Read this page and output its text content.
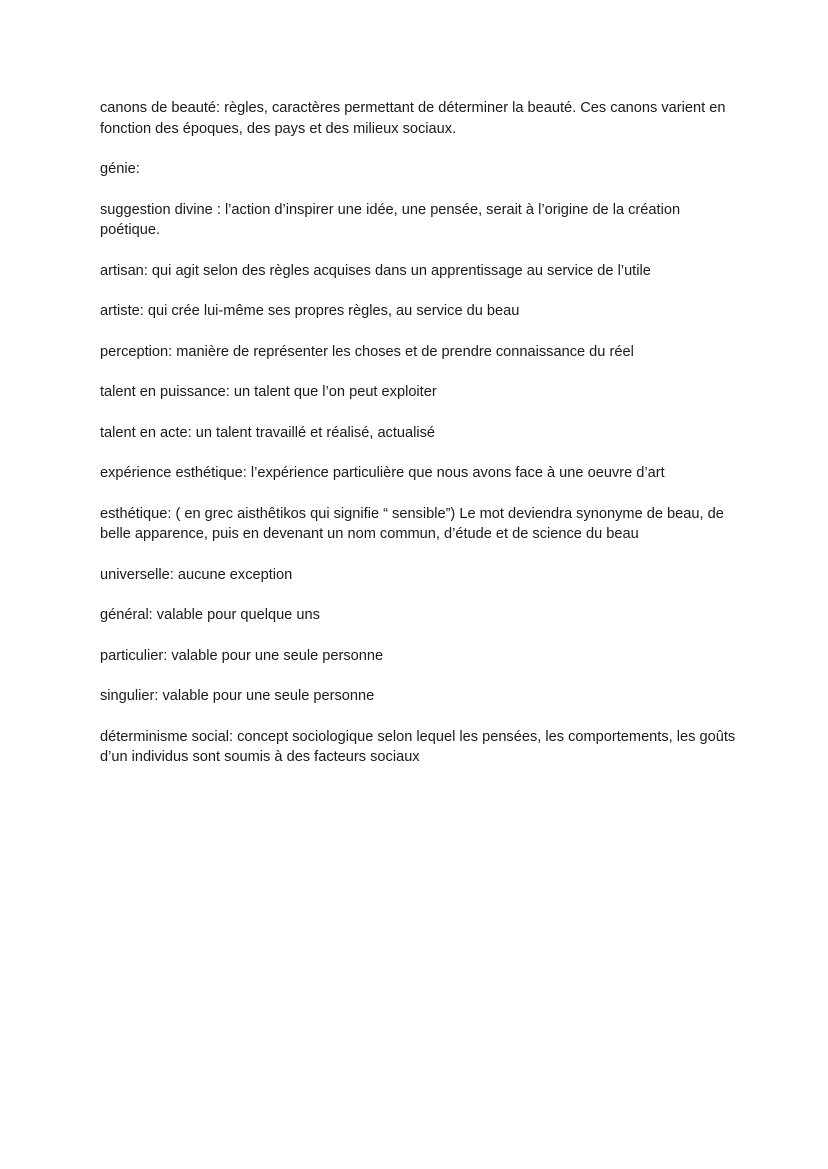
canons de beauté: règles, caractères permettant de déterminer la beauté. Ces canons varient en fonction des époques, des pays et des milieux sociaux.

génie:

suggestion divine : l’action d’inspirer une idée, une pensée, serait à l’origine de la création poétique.

artisan: qui agit selon des règles acquises dans un apprentissage au service de l’utile

artiste: qui crée lui-même ses propres règles, au service du beau

perception: manière de représenter les choses et de prendre connaissance du réel

talent en puissance: un talent que l’on peut exploiter

talent en acte: un talent travaillé et réalisé, actualisé

expérience esthétique: l’expérience particulière que nous avons face à une oeuvre d’art

esthétique: ( en grec aisthêtikos qui signifie “ sensible”) Le mot deviendra synonyme de beau, de belle apparence, puis en devenant un nom commun, d’étude et de science du beau

universelle: aucune exception

général: valable pour quelque uns

particulier: valable pour une seule personne

singulier: valable pour une seule personne

déterminisme social: concept sociologique selon lequel les pensées, les comportements, les goûts d’un individus sont soumis à des facteurs sociaux
